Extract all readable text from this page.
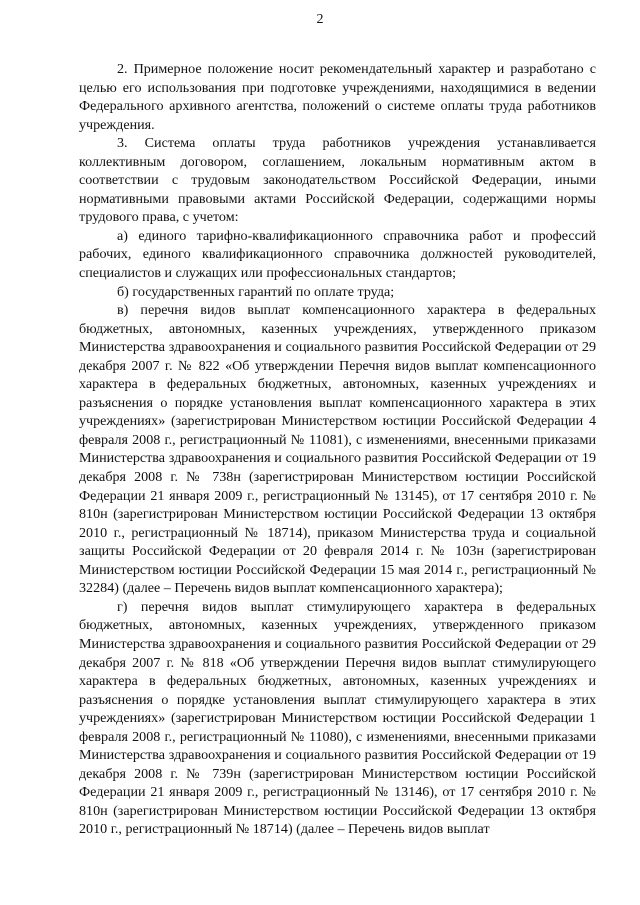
2

2. Примерное положение носит рекомендательный характер и разработано с целью его использования при подготовке учреждениями, находящимися в ведении Федерального архивного агентства, положений о системе оплаты труда работников учреждения.

3. Система оплаты труда работников учреждения устанавливается коллективным договором, соглашением, локальным нормативным актом в соответствии с трудовым законодательством Российской Федерации, иными нормативными правовыми актами Российской Федерации, содержащими нормы трудового права, с учетом:

а) единого тарифно-квалификационного справочника работ и профессий рабочих, единого квалификационного справочника должностей руководителей, специалистов и служащих или профессиональных стандартов;

б) государственных гарантий по оплате труда;

в) перечня видов выплат компенсационного характера в федеральных бюджетных, автономных, казенных учреждениях, утвержденного приказом Министерства здравоохранения и социального развития Российской Федерации от 29 декабря 2007 г. № 822 «Об утверждении Перечня видов выплат компенсационного характера в федеральных бюджетных, автономных, казенных учреждениях и разъяснения о порядке установления выплат компенсационного характера в этих учреждениях» (зарегистрирован Министерством юстиции Российской Федерации 4 февраля 2008 г., регистрационный № 11081), с изменениями, внесенными приказами Министерства здравоохранения и социального развития Российской Федерации от 19 декабря 2008 г. № 738н (зарегистрирован Министерством юстиции Российской Федерации 21 января 2009 г., регистрационный № 13145), от 17 сентября 2010 г. № 810н (зарегистрирован Министерством юстиции Российской Федерации 13 октября 2010 г., регистрационный № 18714), приказом Министерства труда и социальной защиты Российской Федерации от 20 февраля 2014 г. № 103н (зарегистрирован Министерством юстиции Российской Федерации 15 мая 2014 г., регистрационный № 32284) (далее – Перечень видов выплат компенсационного характера);

г) перечня видов выплат стимулирующего характера в федеральных бюджетных, автономных, казенных учреждениях, утвержденного приказом Министерства здравоохранения и социального развития Российской Федерации от 29 декабря 2007 г. № 818 «Об утверждении Перечня видов выплат стимулирующего характера в федеральных бюджетных, автономных, казенных учреждениях и разъяснения о порядке установления выплат стимулирующего характера в этих учреждениях» (зарегистрирован Министерством юстиции Российской Федерации 1 февраля 2008 г., регистрационный № 11080), с изменениями, внесенными приказами Министерства здравоохранения и социального развития Российской Федерации от 19 декабря 2008 г. № 739н (зарегистрирован Министерством юстиции Российской Федерации 21 января 2009 г., регистрационный № 13146), от 17 сентября 2010 г. № 810н (зарегистрирован Министерством юстиции Российской Федерации 13 октября 2010 г., регистрационный № 18714) (далее – Перечень видов выплат
